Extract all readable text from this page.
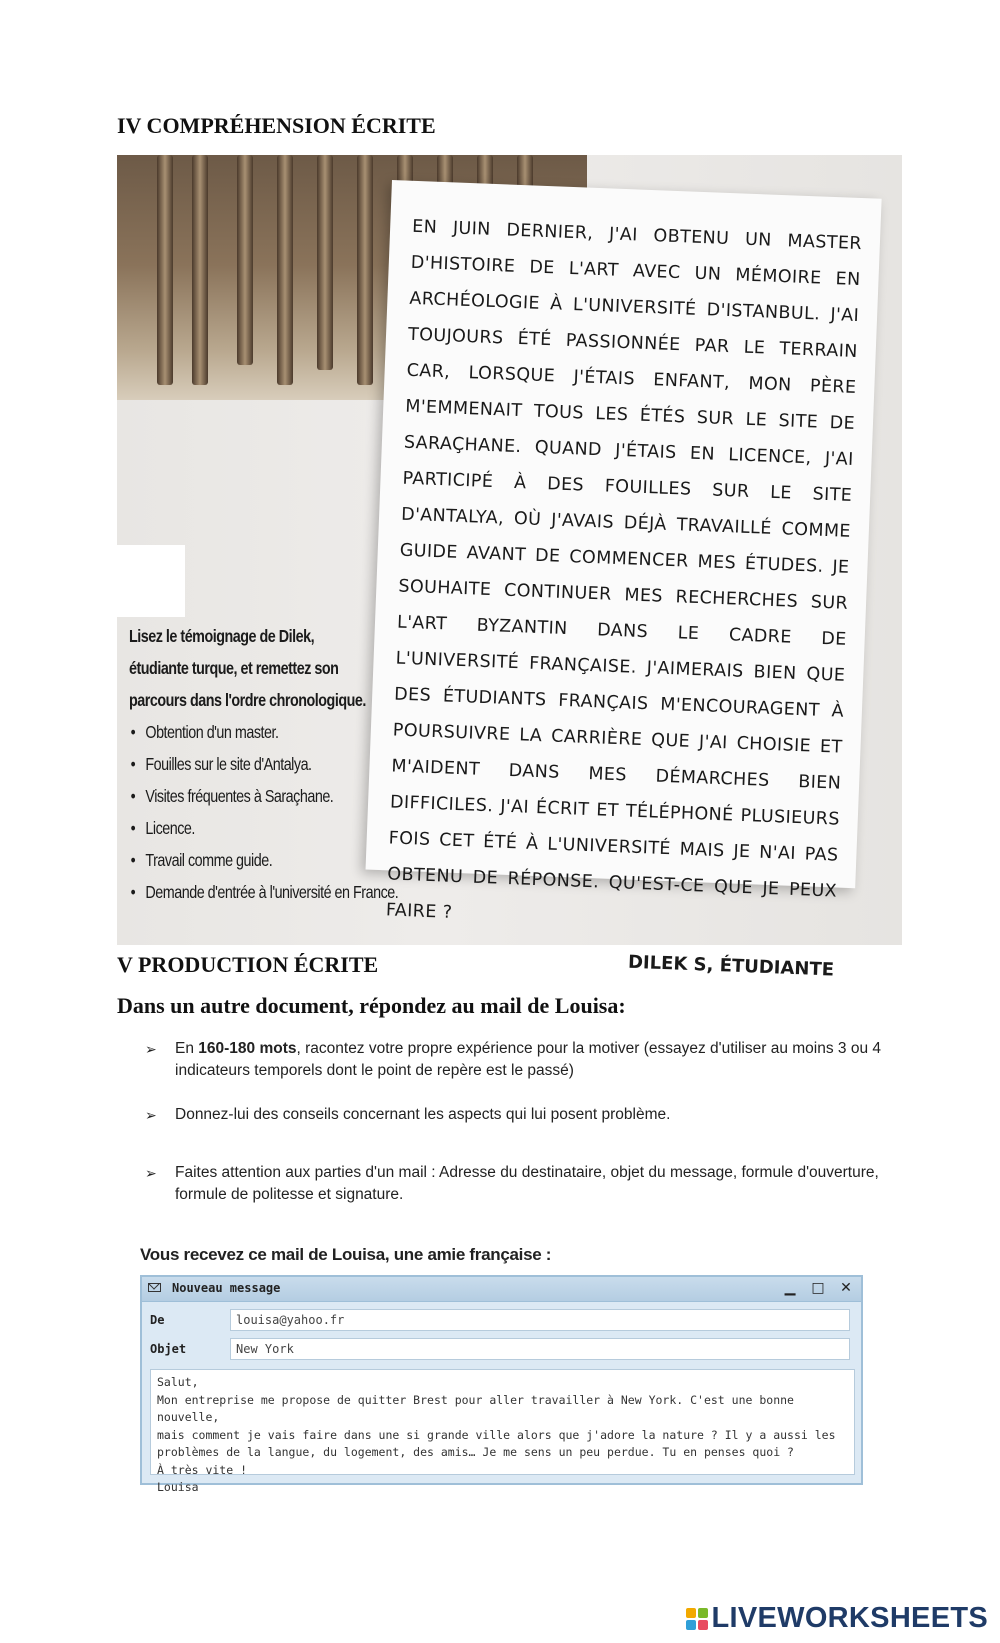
IV COMPRÉHENSION ÉCRITE
Lisez le témoignage de Dilek, étudiante turque, et remettez son parcours dans l'ordre chronologique.
• Obtention d'un master.
• Fouilles sur le site d'Antalya.
• Visites fréquentes à Saraçhane.
• Licence.
• Travail comme guide.
• Demande d'entrée à l'université en France.

EN JUIN DERNIER, J'AI OBTENU UN MASTER D'HISTOIRE DE L'ART AVEC UN MÉMOIRE EN ARCHÉOLOGIE À L'UNIVERSITÉ D'ISTANBUL. J'AI TOUJOURS ÉTÉ PASSIONNÉE PAR LE TERRAIN CAR, LORSQUE J'ÉTAIS ENFANT, MON PÈRE M'EMMENAIT TOUS LES ÉTÉS SUR LE SITE DE SARAÇHANE. QUAND J'ÉTAIS EN LICENCE, J'AI PARTICIPÉ À DES FOUILLES SUR LE SITE D'ANTALYA, OÙ J'AVAIS DÉJÀ TRAVAILLÉ COMME GUIDE AVANT DE COMMENCER MES ÉTUDES. JE SOUHAITE CONTINUER MES RECHERCHES SUR L'ART BYZANTIN DANS LE CADRE DE L'UNIVERSITÉ FRANÇAISE. J'AIMERAIS BIEN QUE DES ÉTUDIANTS FRANÇAIS M'ENCOURAGENT À POURSUIVRE LA CARRIÈRE QUE J'AI CHOISIE ET M'AIDENT DANS MES DÉMARCHES BIEN DIFFICILES. J'AI ÉCRIT ET TÉLÉPHONÉ PLUSIEURS FOIS CET ÉTÉ À L'UNIVERSITÉ MAIS JE N'AI PAS OBTENU DE RÉPONSE. QU'EST-CE QUE JE PEUX FAIRE ?

DILEK S, ÉTUDIANTE
V PRODUCTION ÉCRITE

Dans un autre document, répondez au mail de Louisa:

➢ En 160-180 mots, racontez votre propre expérience pour la motiver (essayez d'utiliser au moins 3 ou 4 indicateurs temporels dont le point de repère est le passé)
➢ Donnez-lui des conseils concernant les aspects qui lui posent problème.
➢ Faites attention aux parties d'un mail : Adresse du destinataire, objet du message, formule d'ouverture, formule de politesse et signature.
Vous recevez ce mail de Louisa, une amie française :
Nouveau message	▁ □ ✕
De	louisa@yahoo.fr
Objet	New York

Salut,

Mon entreprise me propose de quitter Brest pour aller travailler à New York. C'est une bonne nouvelle,

mais comment je vais faire dans une si grande ville alors que j'adore la nature ? Il y a aussi les

problèmes de la langue, du logement, des amis… Je me sens un peu perdue. Tu en penses quoi ?

À très vite !

Louisa

LIVEWORKSHEETS
